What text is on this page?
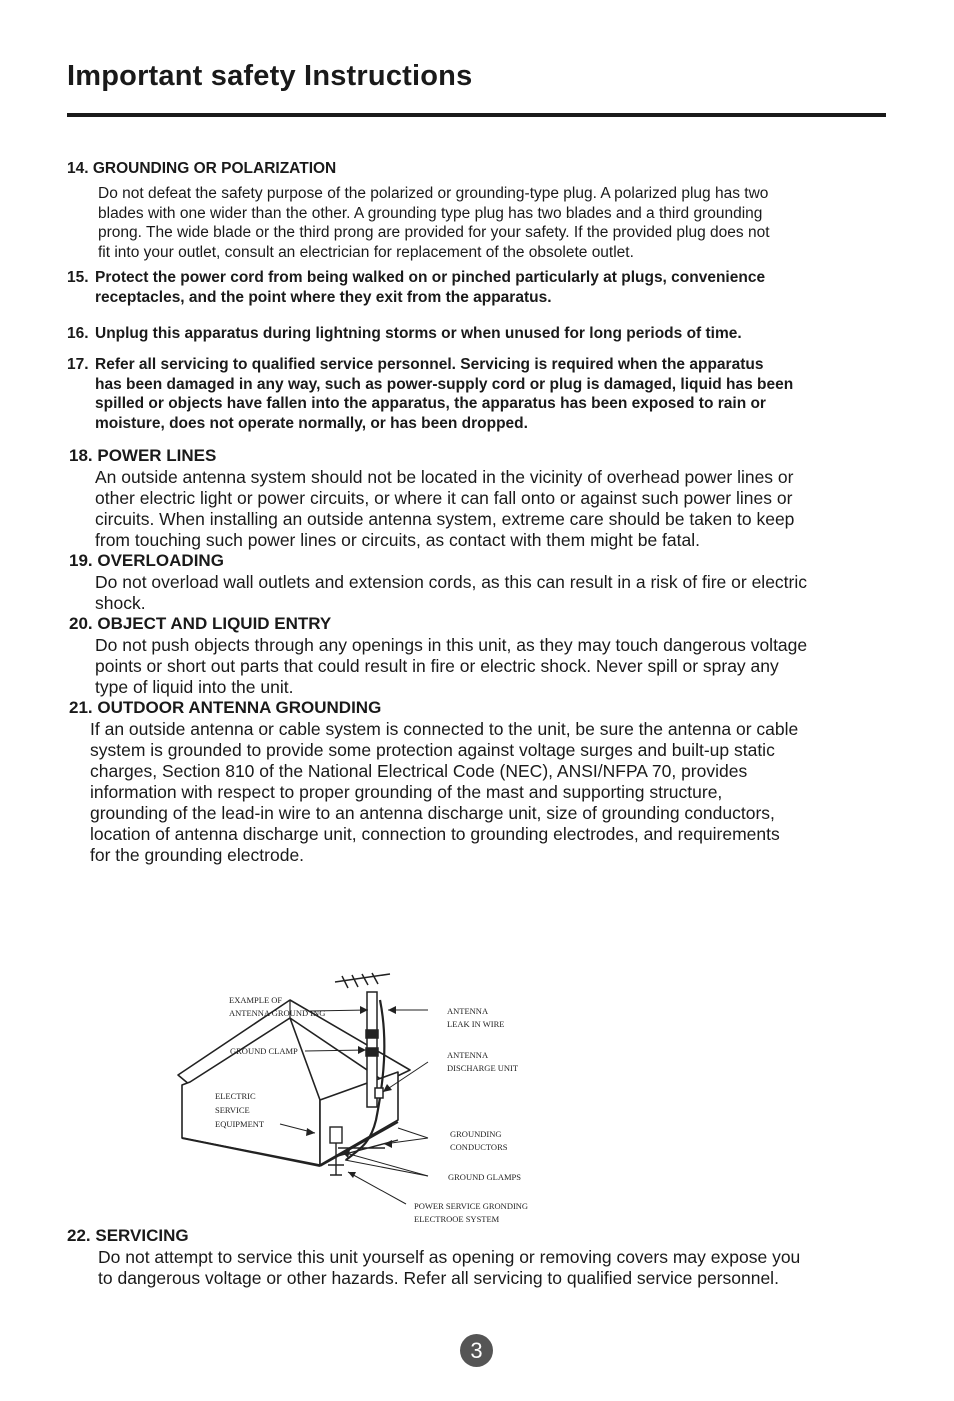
Important safety Instructions
14. GROUNDING OR POLARIZATION
Do not defeat the safety purpose of the polarized or grounding-type plug. A polarized plug has two
blades with one wider than the other. A grounding type plug has two blades and a third grounding
prong. The wide blade or the third prong are provided for your safety. If the provided plug does not
fit into your outlet, consult an electrician for replacement of the obsolete outlet.
15. Protect the power cord from being walked on or pinched particularly at plugs, convenience
receptacles, and the point where they exit from the apparatus.
16. Unplug this apparatus during lightning storms or when unused for long periods of time.
17. Refer all servicing to qualified service personnel. Servicing is required when the apparatus
has been damaged in any way, such as power-supply cord or plug is damaged, liquid has been
spilled or objects have fallen into the apparatus, the apparatus has been exposed to rain or
moisture, does not operate normally, or has been dropped.
18. POWER LINES
An outside antenna system should not be located in the vicinity of overhead power lines or
other electric light or power circuits, or where it can fall onto or against such power lines or
circuits. When installing an outside antenna system, extreme care should be taken to keep
from touching such power lines or circuits, as contact with them might be fatal.
19. OVERLOADING
Do not overload wall outlets and extension cords, as this can result in a risk of fire or electric
shock.
20. OBJECT AND LIQUID ENTRY
Do not push objects through any openings in this unit, as they may touch dangerous voltage
points or short out parts that could result in fire or electric shock. Never spill or spray any
type of liquid into the unit.
21. OUTDOOR ANTENNA GROUNDING
If an outside antenna or cable system is connected to the unit, be sure the antenna or cable
system is grounded to provide some protection against voltage surges and built-up static
charges, Section 810 of the National Electrical Code (NEC), ANSI/NFPA 70, provides
information with respect to proper grounding of the mast and supporting structure,
grounding of the lead-in wire to an antenna discharge unit, size of grounding conductors,
location of antenna discharge unit, connection to grounding electrodes, and requirements
for the grounding electrode.
EXAMPLE OF
ANTENNA GROUND ING
GROUND CLAMP
ELECTRIC
SERVICE
EQUIPMENT
ANTENNA
LEAK IN WIRE
ANTENNA
DISCHARGE UNIT
GROUNDING
CONDUCTORS
GROUND GLAMPS
POWER SERVICE GRONDING
ELECTROOE SYSTEM
22. SERVICING
Do not attempt to service this unit yourself as opening or removing covers may expose you
to dangerous voltage or other hazards. Refer all servicing to qualified service personnel.
3
